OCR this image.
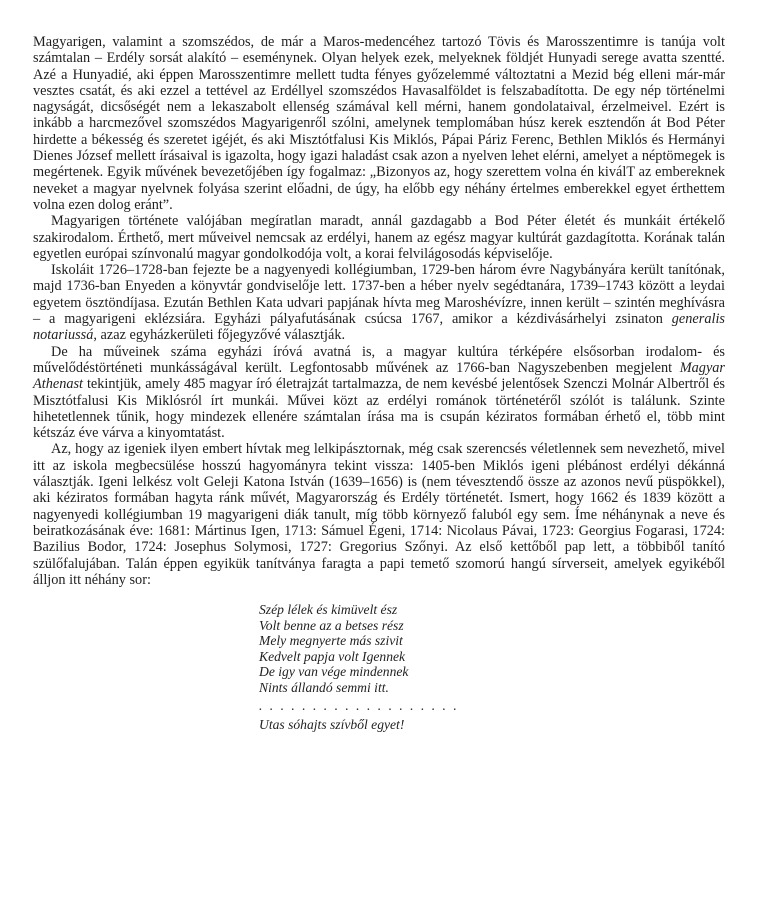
Magyarigen, valamint a szomszédos, de már a Maros-medencéhez tartozó Tövis és Marosszentimre is tanúja volt számtalan – Erdély sorsát alakító – eseménynek. Olyan helyek ezek, melyeknek földjét Hunyadi serege avatta szentté. Azé a Hunyadié, aki éppen Marosszentimre mellett tudta fényes győzelemmé változtatni a Mezid bég elleni már-már vesztes csatát, és aki ezzel a tettével az Erdéllyel szomszédos Havasalföldet is felszabadította. De egy nép történelmi nagyságát, dicsőségét nem a lekaszabolt ellenség számával kell mérni, hanem gondolataival, érzelmeivel. Ezért is inkább a harcmezővel szomszédos Magyarigenről szólni, amelynek templomában húsz kerek esztendőn át Bod Péter hirdette a békesség és szeretet igéjét, és aki Misztótfalusi Kis Miklós, Pápai Páriz Ferenc, Bethlen Miklós és Hermányi Dienes József mellett írásaival is igazolta, hogy igazi haladást csak azon a nyelven lehet elérni, amelyet a néptömegek is megértenek. Egyik művének bevezetőjében így fogalmaz: „Bizonyos az, hogy szerettem volna én kiválT az embereknek neveket a magyar nyelvnek folyása szerint előadni, de úgy, ha előbb egy néhány értelmes emberekkel egyet érthettem volna ezen dolog eránt”.

Magyarigen története valójában megíratlan maradt, annál gazdagabb a Bod Péter életét és munkáit értékelő szakirodalom. Érthető, mert műveivel nemcsak az erdélyi, hanem az egész magyar kultúrát gazdagította. Korának talán egyetlen európai színvonalú magyar gondolkodója volt, a korai felvilágosodás képviselője.

Iskoláit 1726–1728-ban fejezte be a nagyenyedi kollégiumban, 1729-ben három évre Nagybányára került tanítónak, majd 1736-ban Enyeden a könyvtár gondviselője lett. 1737-ben a héber nyelv segédtanára, 1739–1743 között a leydai egyetem ösztöndíjasa. Ezután Bethlen Kata udvari papjának hívta meg Maroshévízre, innen került – szintén meghívásra – a magyarigeni eklézsiára. Egyházi pályafutásának csúcsa 1767, amikor a kézdivásárhelyi zsinaton generalis notariussá, azaz egyházkerületi főjegyzővé választják.

De ha műveinek száma egyházi íróvá avatná is, a magyar kultúra térképére elsősorban irodalom- és művelődéstörténeti munkásságával került. Legfontosabb művének az 1766-ban Nagyszebenben megjelent Magyar Athenast tekintjük, amely 485 magyar író életrajzát tartalmazza, de nem kevésbé jelentősek Szenczi Molnár Albertről és Misztótfalusi Kis Miklósról írt munkái. Művei közt az erdélyi románok történetéről szólót is találunk. Szinte hihetetlennek tűnik, hogy mindezek ellenére számtalan írása ma is csupán kéziratos formában érhető el, több mint kétszáz éve várva a kinyomtatást.

Az, hogy az igeniek ilyen embert hívtak meg lelkipásztornak, még csak szerencsés véletlennek sem nevezhető, mivel itt az iskola megbecsülése hosszú hagyományra tekint vissza: 1405-ben Miklós igeni plébánost erdélyi dékánná választják. Igeni lelkész volt Geleji Katona István (1639–1656) is (nem tévesztendő össze az azonos nevű püspökkel), aki kéziratos formában hagyta ránk művét, Magyarország és Erdély történetét. Ismert, hogy 1662 és 1839 között a nagyenyedi kollégiumban 19 magyarigeni diák tanult, míg több környező faluból egy sem. Íme néhánynak a neve és beiratkozásának éve: 1681: Mártinus Igen, 1713: Sámuel Égeni, 1714: Nicolaus Pávai, 1723: Georgius Fogarasi, 1724: Bazilius Bodor, 1724: Josephus Solymosi, 1727: Gregorius Szőnyi. Az első kettőből pap lett, a többiből tanító szülőfalujában. Talán éppen egyikük tanítványa faragta a papi temető szomorú hangú sírverseit, amelyek egyikéből álljon itt néhány sor:

Szép lélek és kimüvelt ész
Volt benne az a betses rész
Mely megnyerte más szivit
Kedvelt papja volt Igennek
De igy van vége mindennek
Nints állandó semmi itt.
. . . . . . . . . . . . . . . . . . .
Utas sóhajts szívből egyet!
